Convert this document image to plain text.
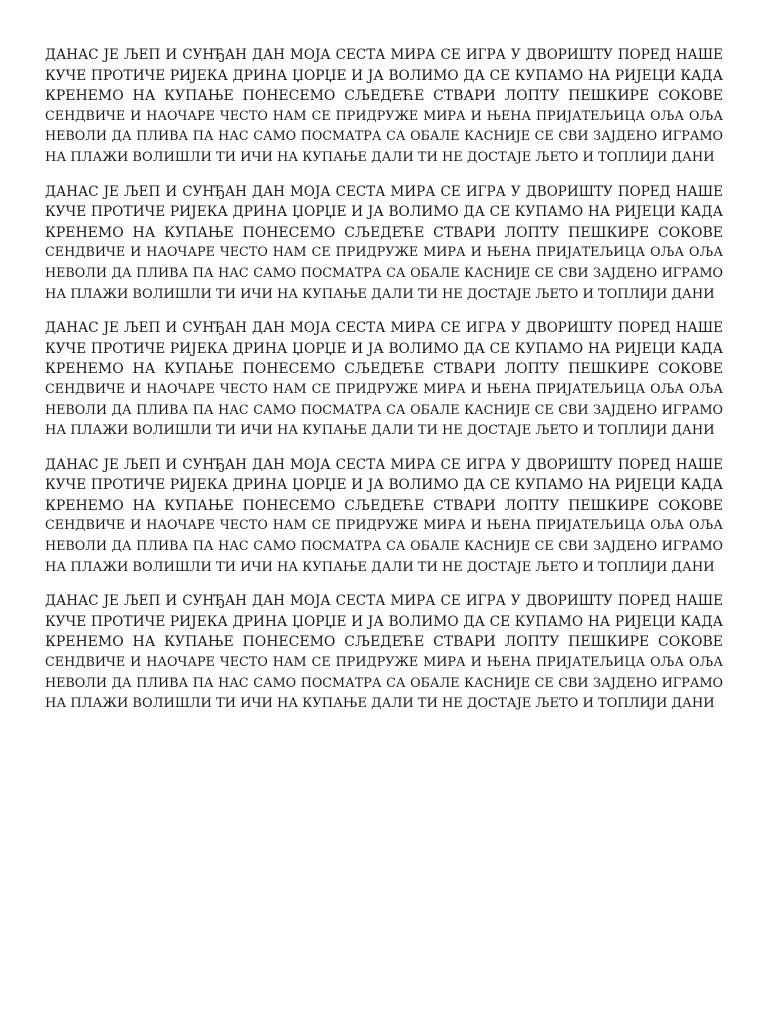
ДАНАС ЈЕ ЉЕП И СУНЂАН ДАН МОЈА СЕСТА МИРА СЕ ИГРА У ДВОРИШТУ ПОРЕД НАШЕ
КУЧЕ ПРОТИЧЕ РИЈЕКА ДРИНА ЏОРЏЕ И ЈА ВОЛИМО ДА СЕ КУПАМО НА РИЈЕЦИ КАДА
КРЕНЕМО НА КУПАЊЕ ПОНЕСЕМО СЉЕДЕЋЕ СТВАРИ ЛОПТУ ПЕШКИРЕ СОКОВЕ
СЕНДВИЧЕ И НАОЧАРЕ ЧЕСТО НАМ СЕ ПРИДРУЖЕ МИРА И ЊЕНА ПРИЈАТЕЉИЦА ОЉА ОЉА
НЕВОЛИ ДА ПЛИВА ПА НАС САМО ПОСМАТРА СА ОБАЛЕ КАСНИЈЕ СЕ СВИ ЗАЈДЕНО ИГРАМО
НА ПЛАЖИ ВОЛИШЛИ ТИ ИЧИ НА КУПАЊЕ ДАЛИ ТИ НЕ ДОСТАЈЕ ЉЕТО И ТОПЛИЈИ ДАНИ
ДАНАС ЈЕ ЉЕП И СУНЂАН ДАН МОЈА СЕСТА МИРА СЕ ИГРА У ДВОРИШТУ ПОРЕД НАШЕ
КУЧЕ ПРОТИЧЕ РИЈЕКА ДРИНА ЏОРЏЕ И ЈА ВОЛИМО ДА СЕ КУПАМО НА РИЈЕЦИ КАДА
КРЕНЕМО НА КУПАЊЕ ПОНЕСЕМО СЉЕДЕЋЕ СТВАРИ ЛОПТУ ПЕШКИРЕ СОКОВЕ
СЕНДВИЧЕ И НАОЧАРЕ ЧЕСТО НАМ СЕ ПРИДРУЖЕ МИРА И ЊЕНА ПРИЈАТЕЉИЦА ОЉА ОЉА
НЕВОЛИ ДА ПЛИВА ПА НАС САМО ПОСМАТРА СА ОБАЛЕ КАСНИЈЕ СЕ СВИ ЗАЈДЕНО ИГРАМО
НА ПЛАЖИ ВОЛИШЛИ ТИ ИЧИ НА КУПАЊЕ ДАЛИ ТИ НЕ ДОСТАЈЕ ЉЕТО И ТОПЛИЈИ ДАНИ
ДАНАС ЈЕ ЉЕП И СУНЂАН ДАН МОЈА СЕСТА МИРА СЕ ИГРА У ДВОРИШТУ ПОРЕД НАШЕ
КУЧЕ ПРОТИЧЕ РИЈЕКА ДРИНА ЏОРЏЕ И ЈА ВОЛИМО ДА СЕ КУПАМО НА РИЈЕЦИ КАДА
КРЕНЕМО НА КУПАЊЕ ПОНЕСЕМО СЉЕДЕЋЕ СТВАРИ ЛОПТУ ПЕШКИРЕ СОКОВЕ
СЕНДВИЧЕ И НАОЧАРЕ ЧЕСТО НАМ СЕ ПРИДРУЖЕ МИРА И ЊЕНА ПРИЈАТЕЉИЦА ОЉА ОЉА
НЕВОЛИ ДА ПЛИВА ПА НАС САМО ПОСМАТРА СА ОБАЛЕ КАСНИЈЕ СЕ СВИ ЗАЈДЕНО ИГРАМО
НА ПЛАЖИ ВОЛИШЛИ ТИ ИЧИ НА КУПАЊЕ ДАЛИ ТИ НЕ ДОСТАЈЕ ЉЕТО И ТОПЛИЈИ ДАНИ
ДАНАС ЈЕ ЉЕП И СУНЂАН ДАН МОЈА СЕСТА МИРА СЕ ИГРА У ДВОРИШТУ ПОРЕД НАШЕ
КУЧЕ ПРОТИЧЕ РИЈЕКА ДРИНА ЏОРЏЕ И ЈА ВОЛИМО ДА СЕ КУПАМО НА РИЈЕЦИ КАДА
КРЕНЕМО НА КУПАЊЕ ПОНЕСЕМО СЉЕДЕЋЕ СТВАРИ ЛОПТУ ПЕШКИРЕ СОКОВЕ
СЕНДВИЧЕ И НАОЧАРЕ ЧЕСТО НАМ СЕ ПРИДРУЖЕ МИРА И ЊЕНА ПРИЈАТЕЉИЦА ОЉА ОЉА
НЕВОЛИ ДА ПЛИВА ПА НАС САМО ПОСМАТРА СА ОБАЛЕ КАСНИЈЕ СЕ СВИ ЗАЈДЕНО ИГРАМО
НА ПЛАЖИ ВОЛИШЛИ ТИ ИЧИ НА КУПАЊЕ ДАЛИ ТИ НЕ ДОСТАЈЕ ЉЕТО И ТОПЛИЈИ ДАНИ
ДАНАС ЈЕ ЉЕП И СУНЂАН ДАН МОЈА СЕСТА МИРА СЕ ИГРА У ДВОРИШТУ ПОРЕД НАШЕ
КУЧЕ ПРОТИЧЕ РИЈЕКА ДРИНА ЏОРЏЕ И ЈА ВОЛИМО ДА СЕ КУПАМО НА РИЈЕЦИ КАДА
КРЕНЕМО НА КУПАЊЕ ПОНЕСЕМО СЉЕДЕЋЕ СТВАРИ ЛОПТУ ПЕШКИРЕ СОКОВЕ
СЕНДВИЧЕ И НАОЧАРЕ ЧЕСТО НАМ СЕ ПРИДРУЖЕ МИРА И ЊЕНА ПРИЈАТЕЉИЦА ОЉА ОЉА
НЕВОЛИ ДА ПЛИВА ПА НАС САМО ПОСМАТРА СА ОБАЛЕ КАСНИЈЕ СЕ СВИ ЗАЈДЕНО ИГРАМО
НА ПЛАЖИ ВОЛИШЛИ ТИ ИЧИ НА КУПАЊЕ ДАЛИ ТИ НЕ ДОСТАЈЕ ЉЕТО И ТОПЛИЈИ ДАНИ
